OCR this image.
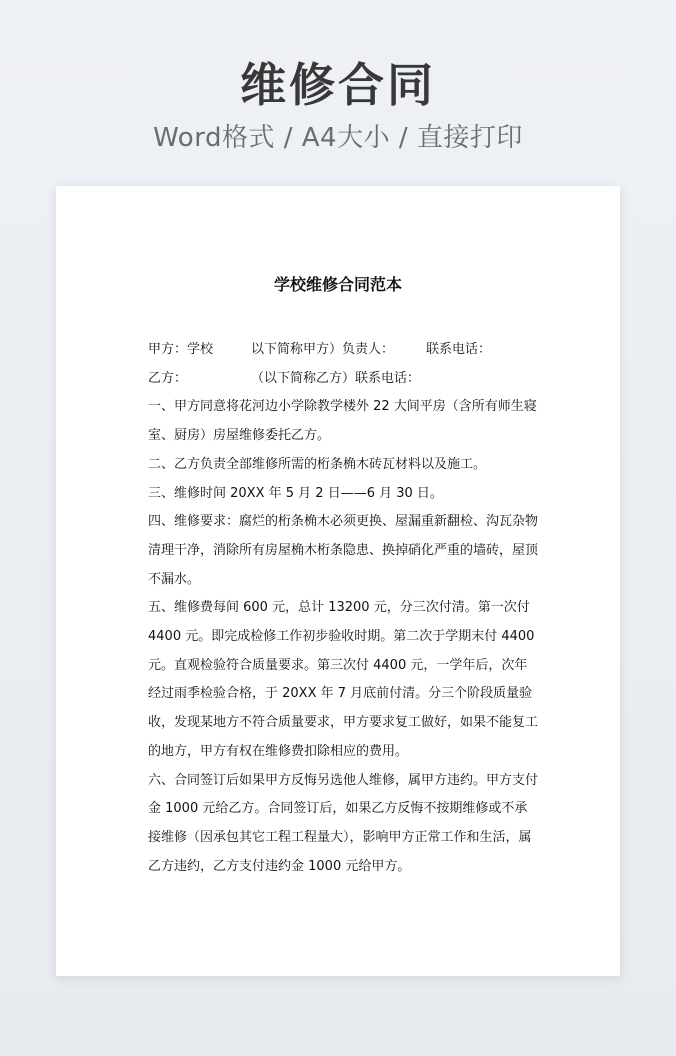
维修合同
Word格式 / A4大小 / 直接打印
学校维修合同范本
甲方：学校	以下简称甲方）负责人： 联系电话：
乙方：	（以下简称乙方）联系电话：
一、甲方同意将花河边小学除教学楼外 22 大间平房（含所有师生寝室、厨房）房屋维修委托乙方。
二、乙方负责全部维修所需的桁条桷木砖瓦材料以及施工。
三、维修时间 20XX 年 5 月 2 日——6 月 30 日。
四、维修要求：腐烂的桁条桷木必须更换、屋漏重新翻检、沟瓦杂物清理干净，消除所有房屋桷木桁条隐患、换掉硝化严重的墙砖，屋顶不漏水。
五、维修费每间 600 元，总计 13200 元，分三次付清。第一次付 4400 元。即完成检修工作初步验收时期。第二次于学期末付 4400 元。直观检验符合质量要求。第三次付 4400 元，一学年后，次年经过雨季检验合格，于 20XX 年 7 月底前付清。分三个阶段质量验收，发现某地方不符合质量要求，甲方要求复工做好，如果不能复工的地方，甲方有权在维修费扣除相应的费用。
六、合同签订后如果甲方反悔另选他人维修，属甲方违约。甲方支付金 1000 元给乙方。合同签订后，如果乙方反悔不按期维修或不承接维修（因承包其它工程工程量大），影响甲方正常工作和生活，属乙方违约，乙方支付违约金 1000 元给甲方。
